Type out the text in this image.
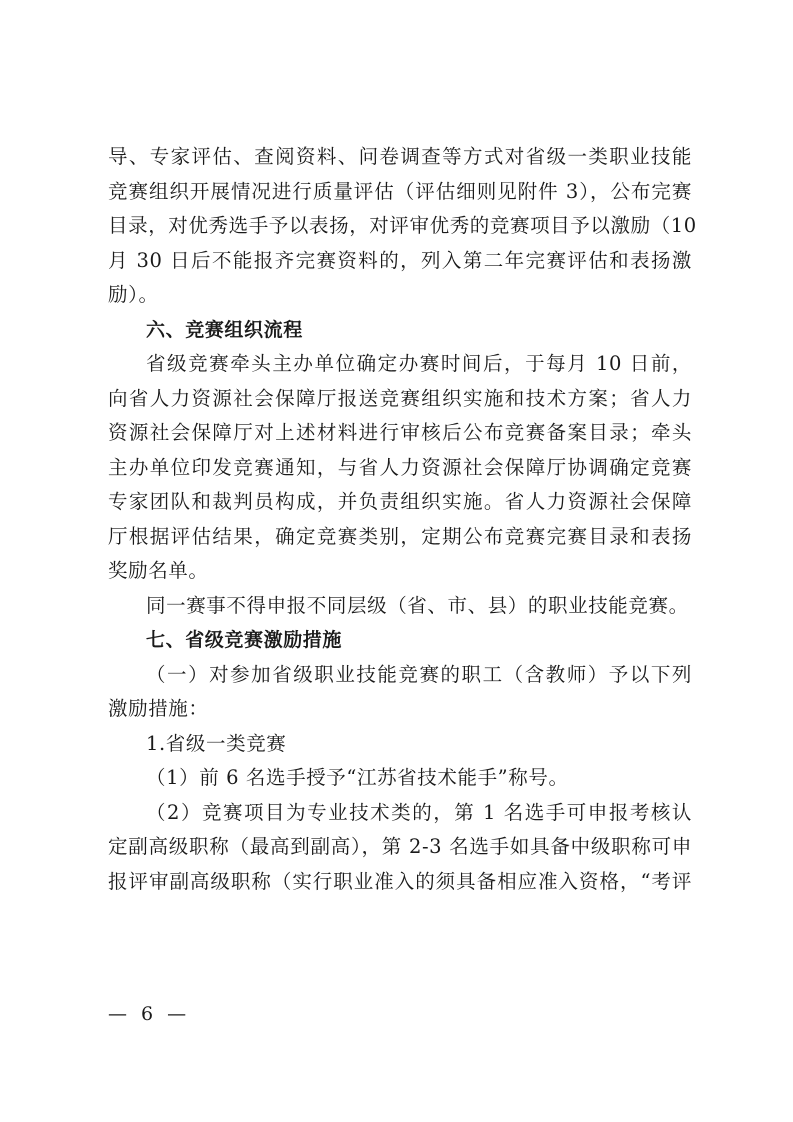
导、专家评估、查阅资料、问卷调查等方式对省级一类职业技能
竞赛组织开展情况进行质量评估（评估细则见附件 3），公布完赛
目录，对优秀选手予以表扬，对评审优秀的竞赛项目予以激励（10
月 30 日后不能报齐完赛资料的，列入第二年完赛评估和表扬激
励）。
六、竞赛组织流程
省级竞赛牵头主办单位确定办赛时间后，于每月 10 日前，
向省人力资源社会保障厅报送竞赛组织实施和技术方案；省人力
资源社会保障厅对上述材料进行审核后公布竞赛备案目录；牵头
主办单位印发竞赛通知，与省人力资源社会保障厅协调确定竞赛
专家团队和裁判员构成，并负责组织实施。省人力资源社会保障
厅根据评估结果，确定竞赛类别，定期公布竞赛完赛目录和表扬
奖励名单。
同一赛事不得申报不同层级（省、市、县）的职业技能竞赛。
七、省级竞赛激励措施
（一）对参加省级职业技能竞赛的职工（含教师）予以下列
激励措施：
1.省级一类竞赛
（1）前 6 名选手授予“江苏省技术能手”称号。
（2）竞赛项目为专业技术类的，第 1 名选手可申报考核认
定副高级职称（最高到副高），第 2-3 名选手如具备中级职称可申
报评审副高级职称（实行职业准入的须具备相应准入资格，“考评
— 6 —
